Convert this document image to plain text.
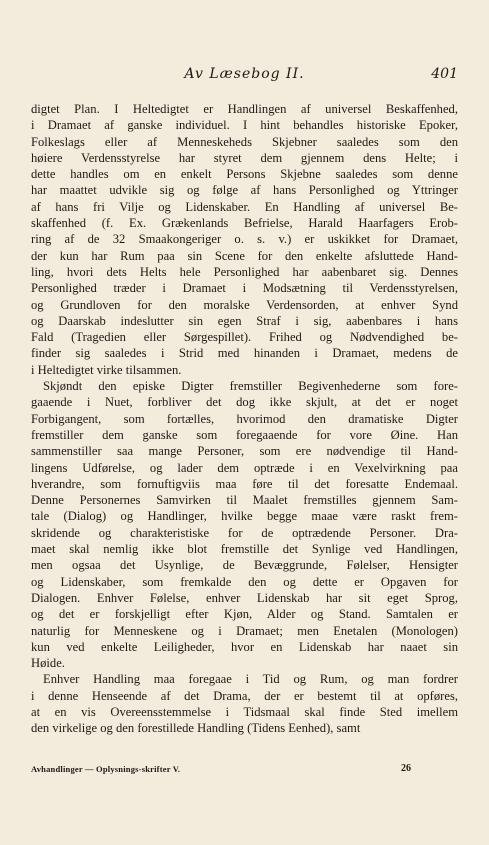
Av Læsebog II.	401
digtet Plan. I Heltedigtet er Handlingen af universel Beskaffenhed,
i Dramaet af ganske individuel. I hint behandles historiske Epoker,
Folkeslags eller af Menneskeheds Skjebner saaledes som den
høiere Verdensstyrelse har styret dem gjennem dens Helte; i
dette handles om en enkelt Persons Skjebne saaledes som denne
har maattet udvikle sig og følge af hans Personlighed og Yttringer
af hans fri Vilje og Lidenskaber. En Handling af universel Be-
skaffenhed (f. Ex. Grækenlands Befrielse, Harald Haarfagers Erob-
ring af de 32 Smaakongeriger o. s. v.) er uskikket for Dramaet,
der kun har Rum paa sin Scene for den enkelte afsluttede Hand-
ling, hvori dets Helts hele Personlighed har aabenbaret sig. Dennes
Personlighed træder i Dramaet i Modsætning til Verdensstyrelsen,
og Grundloven for den moralske Verdensorden, at enhver Synd
og Daarskab indeslutter sin egen Straf i sig, aabenbares i hans
Fald (Tragedien eller Sørgespillet). Frihed og Nødvendighed be-
finder sig saaledes i Strid med hinanden i Dramaet, medens de
i Heltedigtet virke tilsammen.
Skjøndt den episke Digter fremstiller Begivenhederne som fore-
gaaende i Nuet, forbliver det dog ikke skjult, at det er noget
Forbigangent, som fortælles, hvorimod den dramatiske Digter
fremstiller dem ganske som foregaaende for vore Øine. Han
sammenstiller saa mange Personer, som ere nødvendige til Hand-
lingens Udførelse, og lader dem optræde i en Vexelvirkning paa
hverandre, som fornuftigviis maa føre til det foresatte Endemaal.
Denne Personernes Samvirken til Maalet fremstilles gjennem Sam-
tale (Dialog) og Handlinger, hvilke begge maae være raskt frem-
skridende og charakteristiske for de optrædende Personer. Dra-
maet skal nemlig ikke blot fremstille det Synlige ved Handlingen,
men ogsaa det Usynlige, de Bevæggrunde, Følelser, Hensigter
og Lidenskaber, som fremkalde den og dette er Opgaven for
Dialogen. Enhver Følelse, enhver Lidenskab har sit eget Sprog,
og det er forskjelligt efter Kjøn, Alder og Stand. Samtalen er
naturlig for Menneskene og i Dramaet; men Enetalen (Monologen)
kun ved enkelte Leiligheder, hvor en Lidenskab har naaet sin
Høide.
Enhver Handling maa foregaae i Tid og Rum, og man fordrer
i denne Henseende af det Drama, der er bestemt til at opføres,
at en vis Overeensstemmelse i Tidsmaal skal finde Sted imellem
den virkelige og den forestillede Handling (Tidens Eenhed), samt
Avhandlinger — Oplysnings-skrifter V.	26
